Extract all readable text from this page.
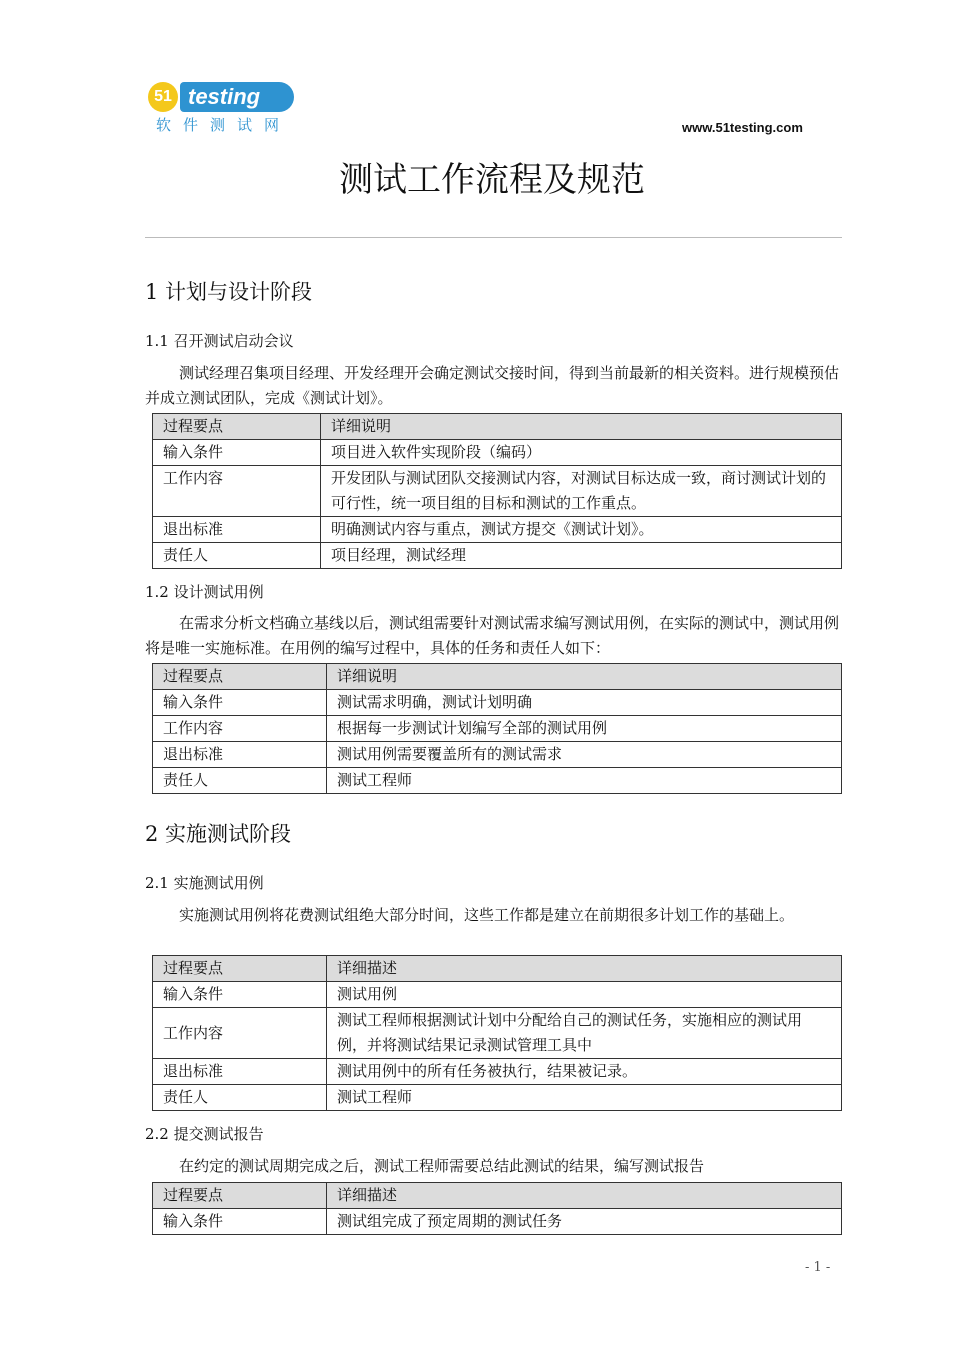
51 testing
软件测试网	www.51testing.com
测试工作流程及规范
1 计划与设计阶段
1.1 召开测试启动会议
测试经理召集项目经理、开发经理开会确定测试交接时间，得到当前最新的相关资料。进行规模预估并成立测试团队，完成《测试计划》。
过程要点	详细说明
输入条件	项目进入软件实现阶段（编码）
工作内容	开发团队与测试团队交接测试内容，对测试目标达成一致，商讨测试计划的可行性，统一项目组的目标和测试的工作重点。
退出标准	明确测试内容与重点，测试方提交《测试计划》。
责任人	项目经理，测试经理
1.2 设计测试用例
在需求分析文档确立基线以后，测试组需要针对测试需求编写测试用例，在实际的测试中，测试用例将是唯一实施标准。在用例的编写过程中，具体的任务和责任人如下：
过程要点	详细说明
输入条件	测试需求明确，测试计划明确
工作内容	根据每一步测试计划编写全部的测试用例
退出标准	测试用例需要覆盖所有的测试需求
责任人	测试工程师
2 实施测试阶段
2.1 实施测试用例
实施测试用例将花费测试组绝大部分时间，这些工作都是建立在前期很多计划工作的基础上。
过程要点	详细描述
输入条件	测试用例
工作内容	测试工程师根据测试计划中分配给自己的测试任务，实施相应的测试用例，并将测试结果记录测试管理工具中
退出标准	测试用例中的所有任务被执行，结果被记录。
责任人	测试工程师
2.2 提交测试报告
在约定的测试周期完成之后，测试工程师需要总结此测试的结果，编写测试报告
过程要点	详细描述
输入条件	测试组完成了预定周期的测试任务
- 1 -
